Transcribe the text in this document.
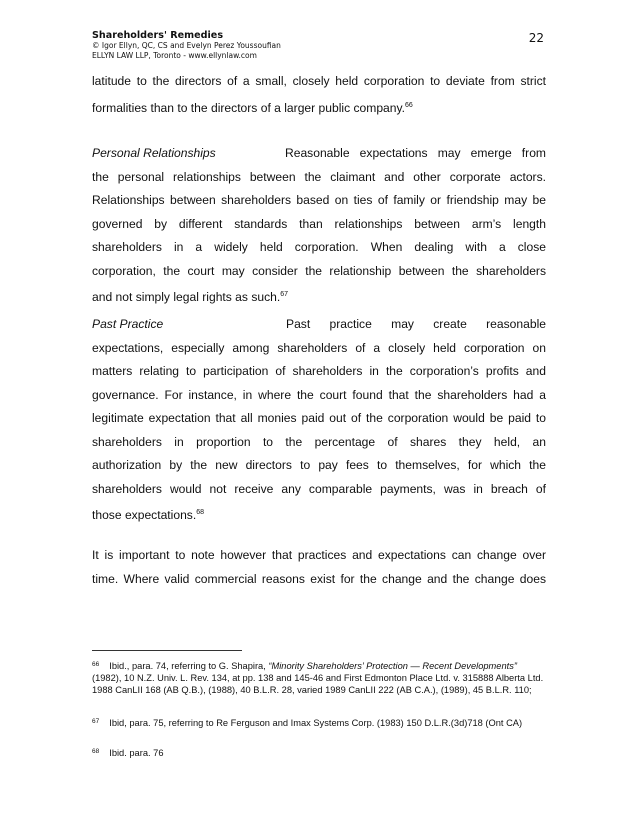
Shareholders' Remedies
© Igor Ellyn, QC, CS and Evelyn Perez Youssoufian
ELLYN LAW LLP, Toronto - www.ellynlaw.com
22

latitude to the directors of a small, closely held corporation to deviate from strict

formalities than to the directors of a larger public company.$^{66}$

Personal Relationships	Reasonable expectations may emerge from

the personal relationships between the claimant and other corporate actors.

Relationships between shareholders based on ties of family or friendship may be

governed by different standards than relationships between arm’s length

shareholders in a widely held corporation. When dealing with a close

corporation, the court may consider the relationship between the shareholders

and not simply legal rights as such.$^{67}$

Past Practice	Past practice may create reasonable

expectations, especially among shareholders of a closely held corporation on

matters relating to participation of shareholders in the corporation’s profits and

governance. For instance, in where the court found that the shareholders had a

legitimate expectation that all monies paid out of the corporation would be paid to

shareholders in proportion to the percentage of shares they held, an

authorization by the new directors to pay fees to themselves, for which the

shareholders would not receive any comparable payments, was in breach of

those expectations.$^{68}$

It is important to note however that practices and expectations can change over

time. Where valid commercial reasons exist for the change and the change does

$^{66}$ Ibid., para. 74, referring to G. Shapira, “Minority Shareholders’ Protection — Recent Developments” (1982), 10 N.Z. Univ. L. Rev. 134, at pp. 138 and 145-46 and First Edmonton Place Ltd. v. 315888 Alberta Ltd. 1988 CanLII 168 (AB Q.B.), (1988), 40 B.L.R. 28, varied 1989 CanLII 222 (AB C.A.), (1989), 45 B.L.R. 110;
$^{67}$ Ibid, para. 75, referring to Re Ferguson and Imax Systems Corp. (1983) 150 D.L.R.(3d)718 (Ont CA)
$^{68}$ Ibid. para. 76
